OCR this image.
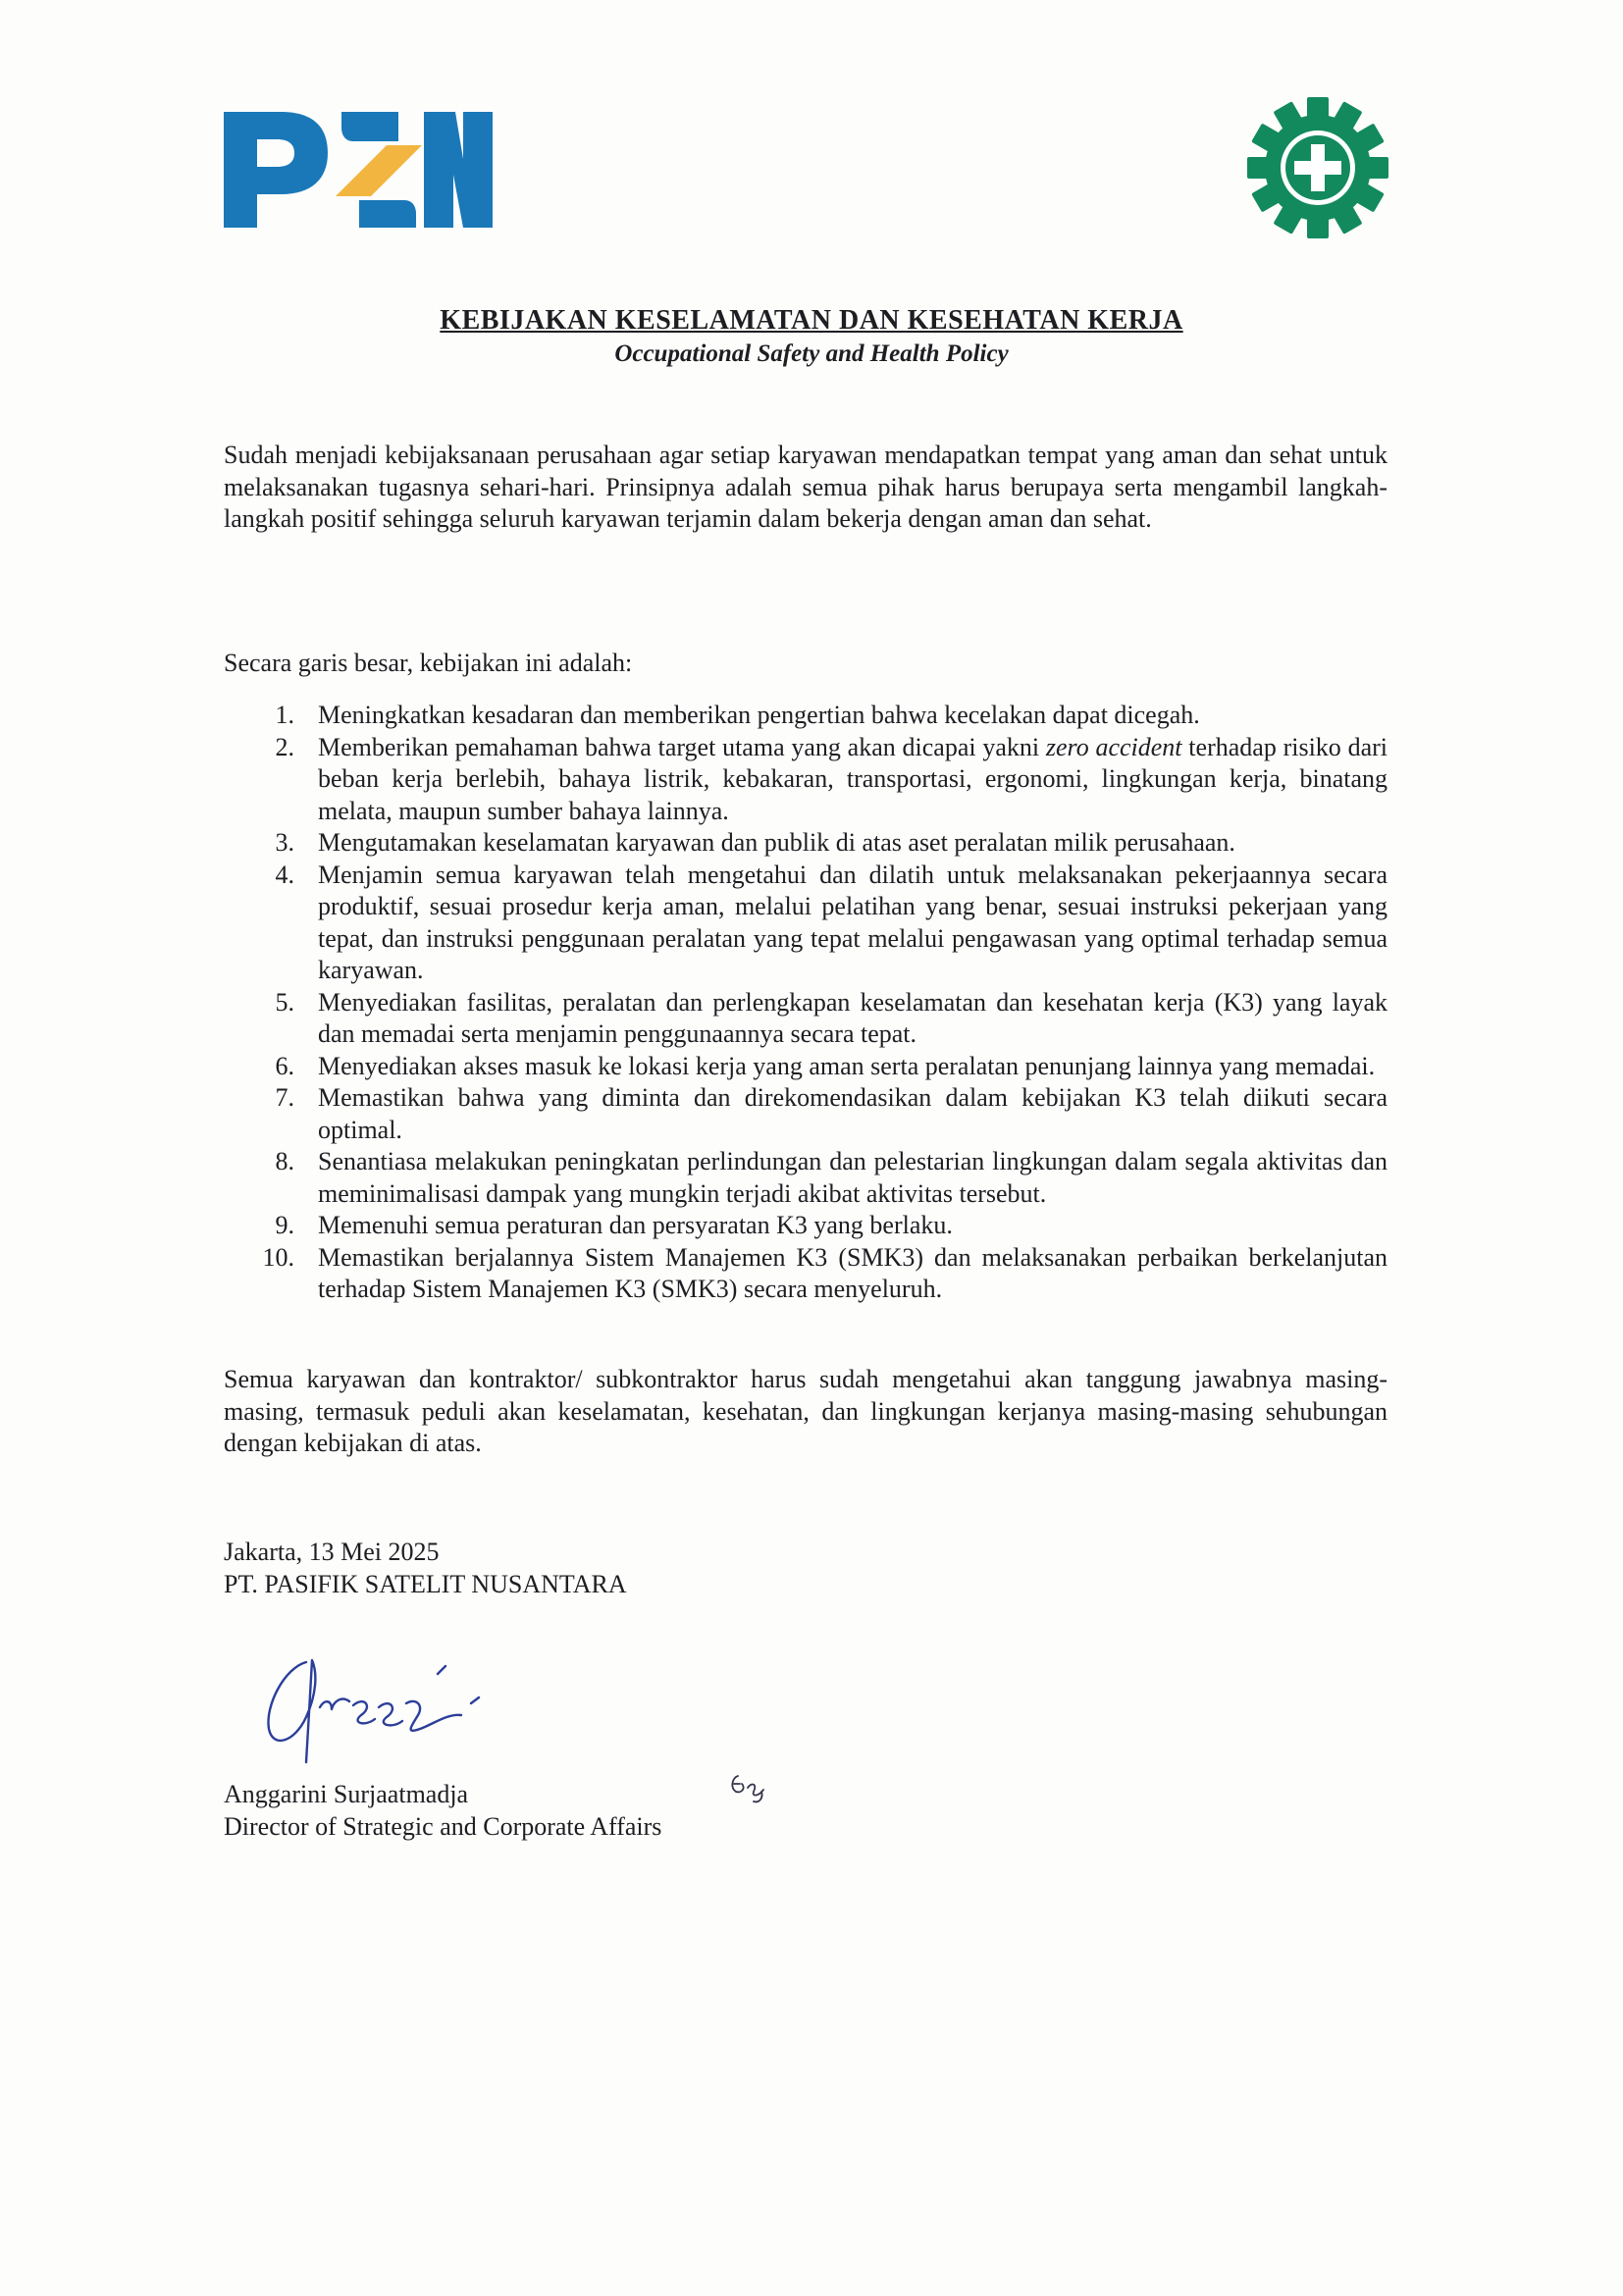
KEBIJAKAN KESELAMATAN DAN KESEHATAN KERJA
Occupational Safety and Health Policy

Sudah menjadi kebijaksanaan perusahaan agar setiap karyawan mendapatkan tempat yang aman dan sehat untuk melaksanakan tugasnya sehari-hari. Prinsipnya adalah semua pihak harus berupaya serta mengambil langkah-langkah positif sehingga seluruh karyawan terjamin dalam bekerja dengan aman dan sehat.

Secara garis besar, kebijakan ini adalah:

1. Meningkatkan kesadaran dan memberikan pengertian bahwa kecelakan dapat dicegah.
2. Memberikan pemahaman bahwa target utama yang akan dicapai yakni zero accident terhadap risiko dari beban kerja berlebih, bahaya listrik, kebakaran, transportasi, ergonomi, lingkungan kerja, binatang melata, maupun sumber bahaya lainnya.
3. Mengutamakan keselamatan karyawan dan publik di atas aset peralatan milik perusahaan.
4. Menjamin semua karyawan telah mengetahui dan dilatih untuk melaksanakan pekerjaannya secara produktif, sesuai prosedur kerja aman, melalui pelatihan yang benar, sesuai instruksi pekerjaan yang tepat, dan instruksi penggunaan peralatan yang tepat melalui pengawasan yang optimal terhadap semua karyawan.
5. Menyediakan fasilitas, peralatan dan perlengkapan keselamatan dan kesehatan kerja (K3) yang layak dan memadai serta menjamin penggunaannya secara tepat.
6. Menyediakan akses masuk ke lokasi kerja yang aman serta peralatan penunjang lainnya yang memadai.
7. Memastikan bahwa yang diminta dan direkomendasikan dalam kebijakan K3 telah diikuti secara optimal.
8. Senantiasa melakukan peningkatan perlindungan dan pelestarian lingkungan dalam segala aktivitas dan meminimalisasi dampak yang mungkin terjadi akibat aktivitas tersebut.
9. Memenuhi semua peraturan dan persyaratan K3 yang berlaku.
10. Memastikan berjalannya Sistem Manajemen K3 (SMK3) dan melaksanakan perbaikan berkelanjutan terhadap Sistem Manajemen K3 (SMK3) secara menyeluruh.

Semua karyawan dan kontraktor/ subkontraktor harus sudah mengetahui akan tanggung jawabnya masing-masing, termasuk peduli akan keselamatan, kesehatan, dan lingkungan kerjanya masing-masing sehubungan dengan kebijakan di atas.

Jakarta, 13 Mei 2025
PT. PASIFIK SATELIT NUSANTARA
Anggarini Surjaatmadja
Director of Strategic and Corporate Affairs
